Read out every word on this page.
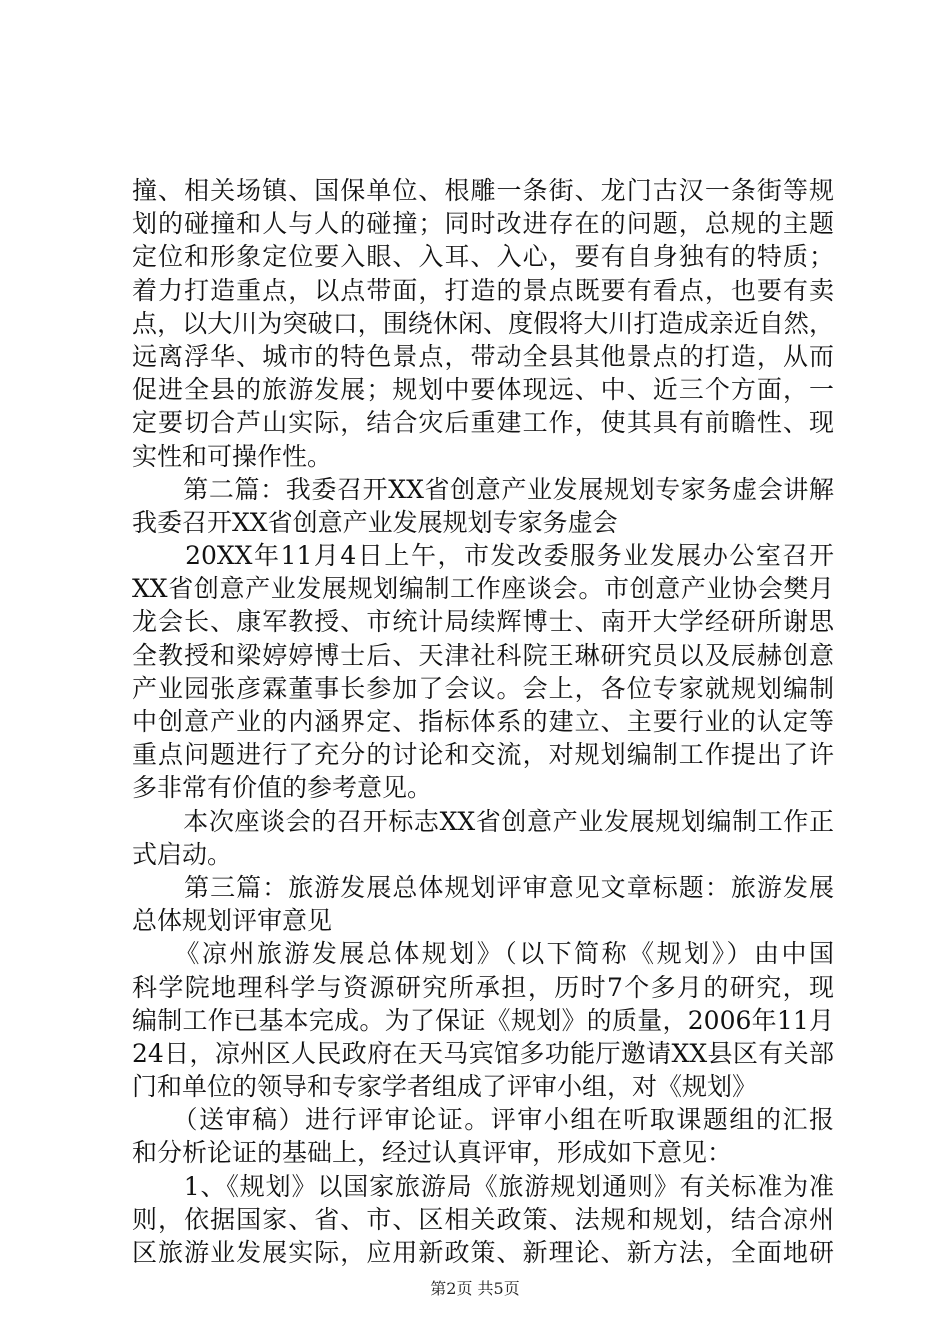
撞、相关场镇、国保单位、根雕一条街、龙门古汉一条街等规
划的碰撞和人与人的碰撞；同时改进存在的问题，总规的主题
定位和形象定位要入眼、入耳、入心，要有自身独有的特质；
着力打造重点，以点带面，打造的景点既要有看点，也要有卖
点，以大川为突破口，围绕休闲、度假将大川打造成亲近自然，
远离浮华、城市的特色景点，带动全县其他景点的打造，从而
促进全县的旅游发展；规划中要体现远、中、近三个方面，一
定要切合芦山实际，结合灾后重建工作，使其具有前瞻性、现
实性和可操作性。
　　第二篇：我委召开XX省创意产业发展规划专家务虚会讲解
我委召开XX省创意产业发展规划专家务虚会
　　20XX年11月4日上午，市发改委服务业发展办公室召开
XX省创意产业发展规划编制工作座谈会。市创意产业协会樊月
龙会长、康军教授、市统计局续辉博士、南开大学经研所谢思
全教授和梁婷婷博士后、天津社科院王琳研究员以及辰赫创意
产业园张彦霖董事长参加了会议。会上，各位专家就规划编制
中创意产业的内涵界定、指标体系的建立、主要行业的认定等
重点问题进行了充分的讨论和交流，对规划编制工作提出了许
多非常有价值的参考意见。
　　本次座谈会的召开标志XX省创意产业发展规划编制工作正
式启动。
　　第三篇：旅游发展总体规划评审意见文章标题：旅游发展
总体规划评审意见
　　《凉州旅游发展总体规划》（以下简称《规划》）由中国
科学院地理科学与资源研究所承担，历时7个多月的研究，现
编制工作已基本完成。为了保证《规划》的质量，2006年11月
24日，凉州区人民政府在天马宾馆多功能厅邀请XX县区有关部
门和单位的领导和专家学者组成了评审小组，对《规划》
　　（送审稿）进行评审论证。评审小组在听取课题组的汇报
和分析论证的基础上，经过认真评审，形成如下意见：
　　1、《规划》以国家旅游局《旅游规划通则》有关标准为准
则，依据国家、省、市、区相关政策、法规和规划，结合凉州
区旅游业发展实际，应用新政策、新理论、新方法，全面地研
第2页 共5页
